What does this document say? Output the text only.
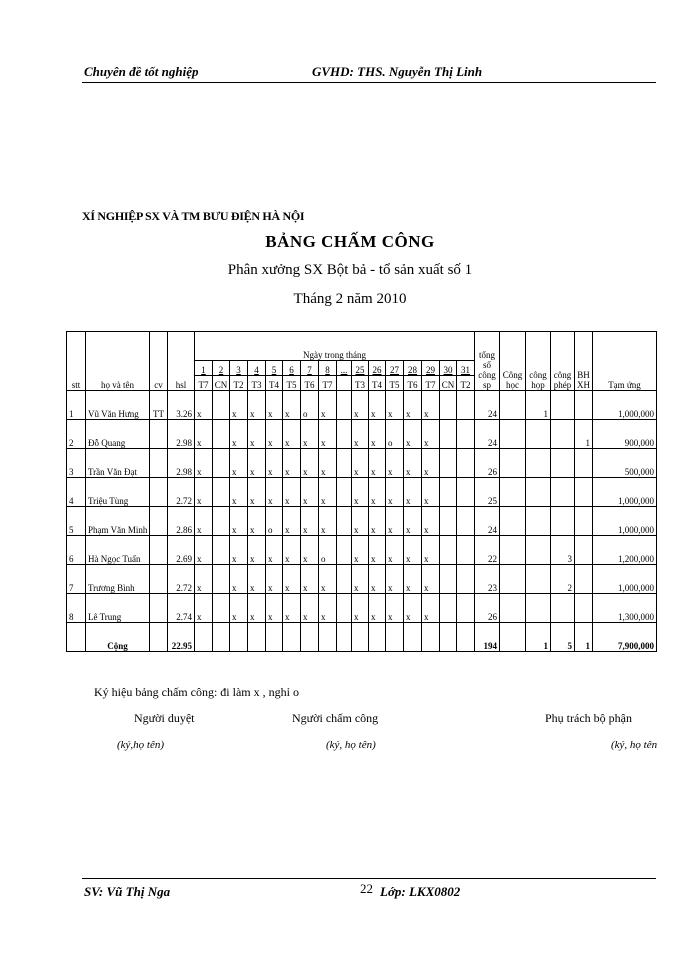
Chuyên đề tốt nghiệp	GVHD: THS. Nguyễn Thị Linh
XÍ NGHIỆP SX VÀ TM BƯU ĐIỆN HÀ NỘI
BẢNG CHẤM CÔNG
Phân xưởng SX Bột bả - tổ sản xuất số 1
Tháng 2 năm 2010
stt	họ và tên	cv	hsl	Ngày trong tháng																tổng số công sp	Công học	công họp	công phép	BH XH	Tạm ứng
				1	2	3	4	5	6	7	8	...	25	26	27	28	29	30	31						
				T7	CN	T2	T3	T4	T5	T6	T7		T3	T4	T5	T6	T7	CN	T2						
1	Vũ Văn Hưng	TT	3.26	x		x	x	x	x	o	x		x	x	x	x	x			24		1			1,000,000
2	Đỗ Quang		2.98	x		x	x	x	x	x	x		x	x	o	x	x			24				1	900,000
3	Trần Văn Đạt		2.98	x		x	x	x	x	x	x		x	x	x	x	x			26					500,000
4	Triệu Tùng		2.72	x		x	x	x	x	x	x		x	x	x	x	x			25					1,000,000
5	Phạm Văn Minh		2.86	x		x	x	o	x	x	x		x	x	x	x	x			24					1,000,000
6	Hà Ngọc Tuấn		2.69	x		x	x	x	x	x	o		x	x	x	x	x			22			3		1,200,000
7	Trương Bình		2.72	x		x	x	x	x	x	x		x	x	x	x	x			23			2		1,000,000
8	Lê Trung		2.74	x		x	x	x	x	x	x		x	x	x	x	x			26					1,300,000
	Cộng		22.95																	194		1	5	1	7,900,000
Ký hiệu bảng chấm công: đi làm x , nghỉ o
Người duyệt
(ký,họ tên)
Người chấm công
(ký, họ tên)
Phụ trách bộ phận
(ký, họ tên
SV: Vũ Thị Nga	22 Lớp: LKX0802
